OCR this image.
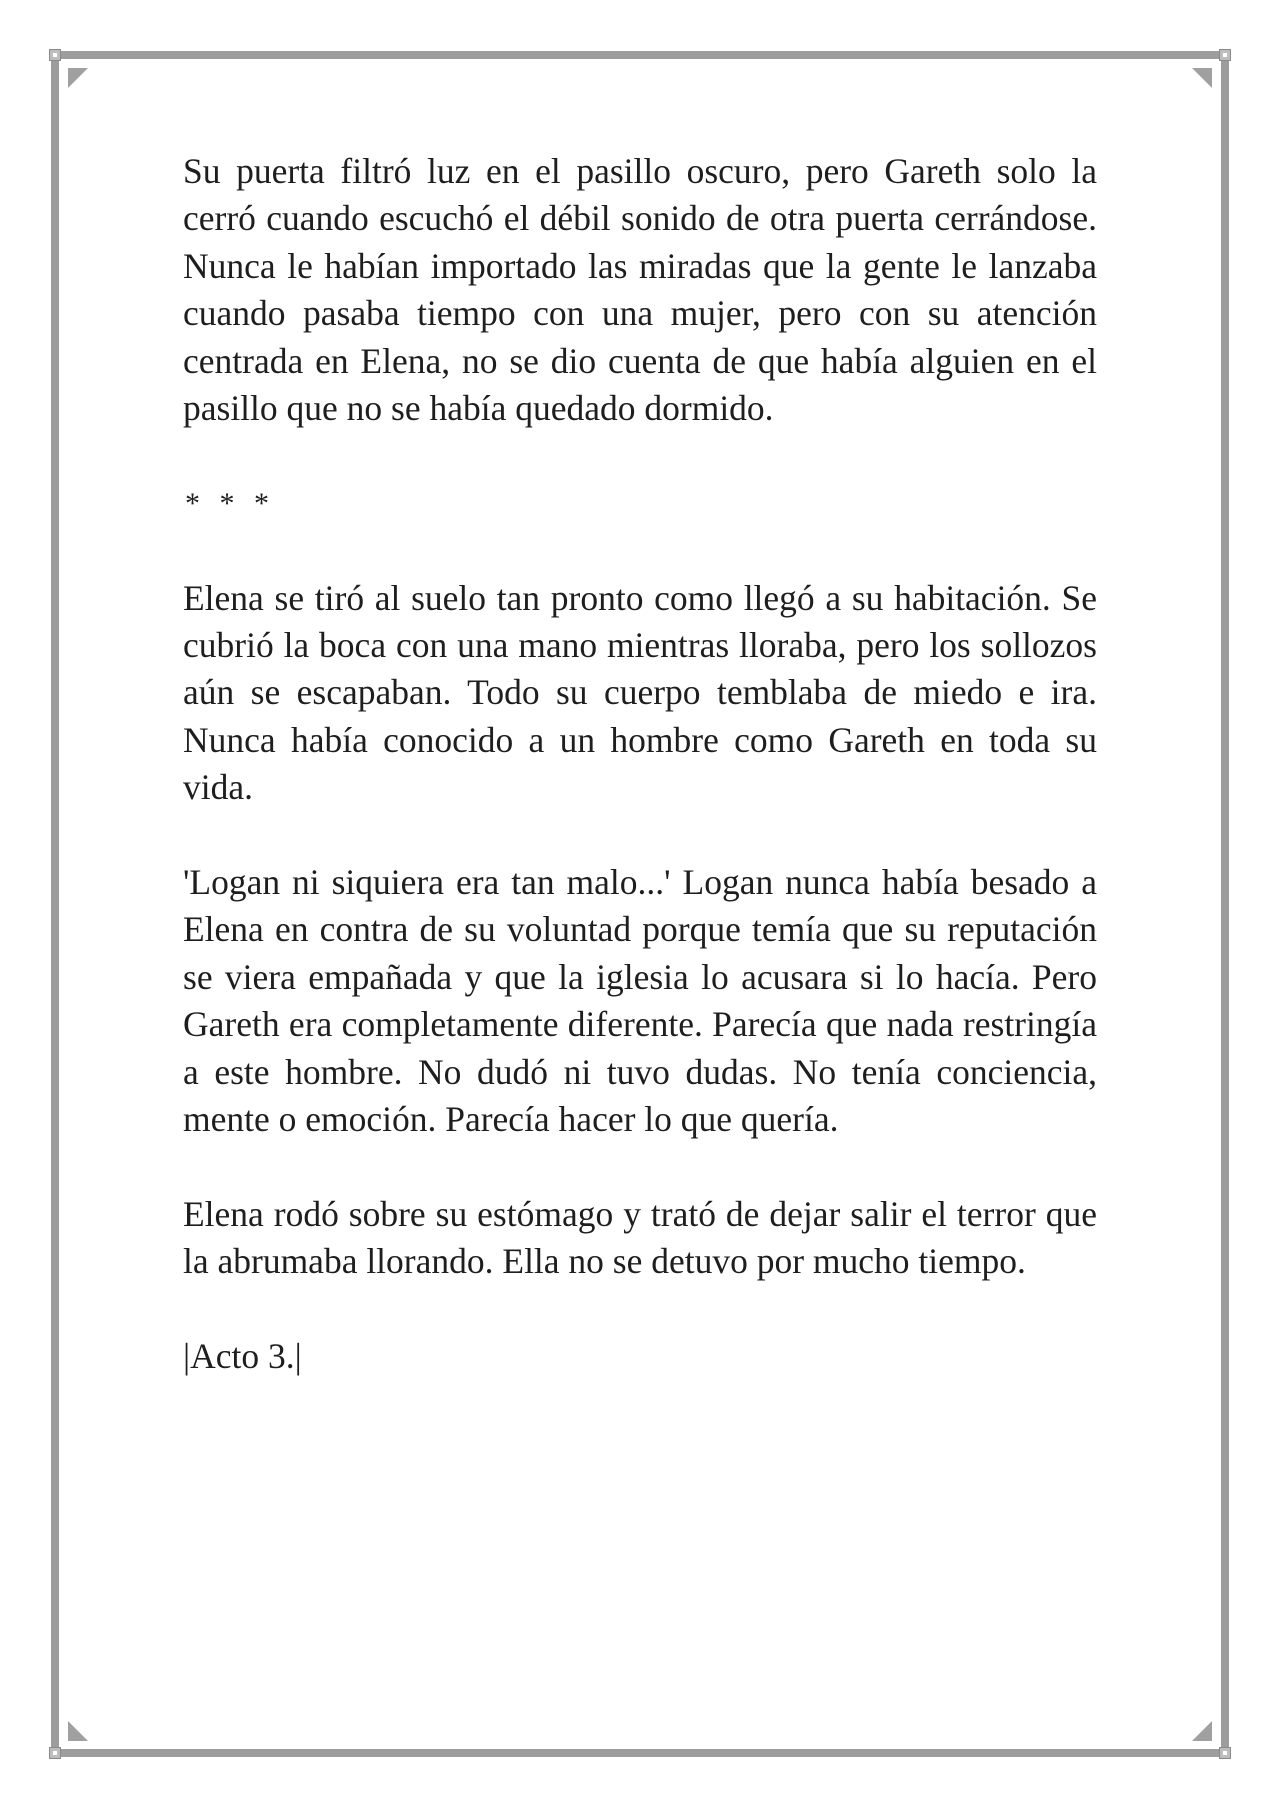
Su puerta filtró luz en el pasillo oscuro, pero Gareth solo la cerró cuando escuchó el débil sonido de otra puerta cerrándose. Nunca le habían importado las miradas que la gente le lanzaba cuando pasaba tiempo con una mujer, pero con su atención centrada en Elena, no se dio cuenta de que había alguien en el pasillo que no se había quedado dormido.

* * *

Elena se tiró al suelo tan pronto como llegó a su habitación. Se cubrió la boca con una mano mientras lloraba, pero los sollozos aún se escapaban. Todo su cuerpo temblaba de miedo e ira. Nunca había conocido a un hombre como Gareth en toda su vida.

'Logan ni siquiera era tan malo...' Logan nunca había besado a Elena en contra de su voluntad porque temía que su reputación se viera empañada y que la iglesia lo acusara si lo hacía. Pero Gareth era completamente diferente. Parecía que nada restringía a este hombre. No dudó ni tuvo dudas. No tenía conciencia, mente o emoción. Parecía hacer lo que quería.

Elena rodó sobre su estómago y trató de dejar salir el terror que la abrumaba llorando. Ella no se detuvo por mucho tiempo.

|Acto 3.|
